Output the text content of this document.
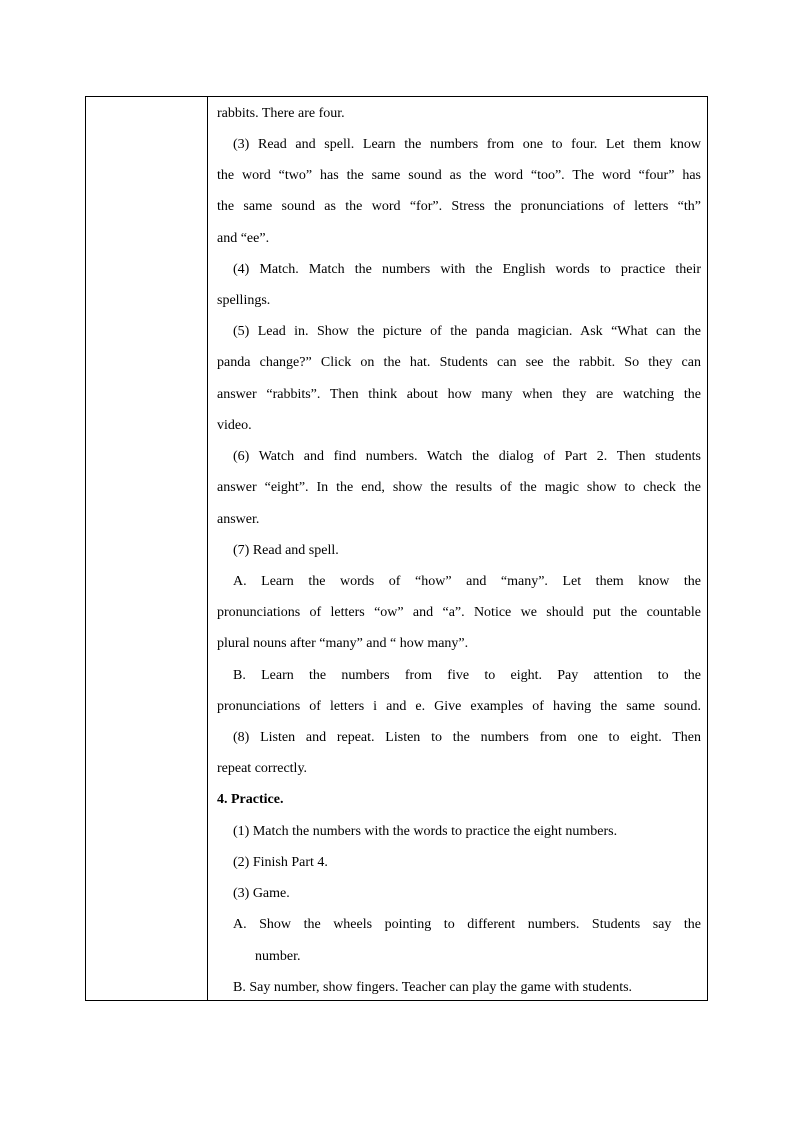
rabbits. There are four.
(3) Read and spell. Learn the numbers from one to four. Let them know
the word “two” has the same sound as the word “too”. The word “four” has
the same sound as the word “for”. Stress the pronunciations of letters “th”
and “ee”.
(4) Match. Match the numbers with the English words to practice their
spellings.
(5) Lead in. Show the picture of the panda magician. Ask “What can the
panda change?” Click on the hat. Students can see the rabbit. So they can
answer “rabbits”. Then think about how many when they are watching the
video.
(6) Watch and find numbers. Watch the dialog of Part 2. Then students
answer “eight”. In the end, show the results of the magic show to check the
answer.
(7) Read and spell.
A. Learn the words of “how” and “many”. Let them know the
pronunciations of letters “ow” and “a”. Notice we should put the countable
plural nouns after “many” and “ how many”.
B. Learn the numbers from five to eight. Pay attention to the
pronunciations of letters i and e. Give examples of having the same sound.
(8) Listen and repeat. Listen to the numbers from one to eight. Then
repeat correctly.
4. Practice.
(1) Match the numbers with the words to practice the eight numbers.
(2) Finish Part 4.
(3) Game.
A. Show the wheels pointing to different numbers. Students say the
number.
B. Say number, show fingers. Teacher can play the game with students.
